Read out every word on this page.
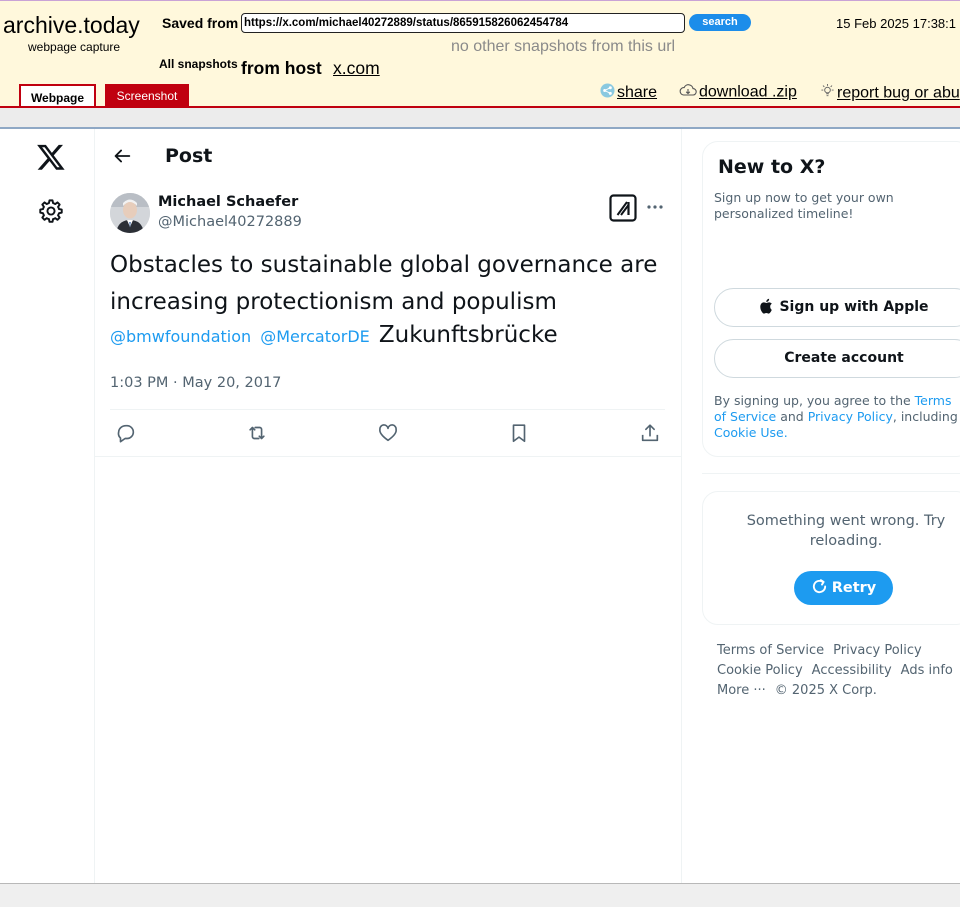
archive.today
webpage capture
Saved from https://x.com/michael40272889/status/865915826062454784	search	15 Feb 2025 17:38:1
no other snapshots from this url
All snapshots from host x.com
Webpage	Screenshot	share	download .zip	report bug or abu
Post
Michael Schaefer
@Michael40272889
Obstacles to sustainable global governance are increasing protectionism and populism
@bmwfoundation @MercatorDE Zukunftsbrücke
1:03 PM · May 20, 2017
New to X?
Sign up now to get your own personalized timeline!
Sign up with Apple
Create account
By signing up, you agree to the Terms of Service and Privacy Policy, including Cookie Use.
Something went wrong. Try reloading.
Retry
Terms of Service Privacy PolicyCookie Policy Accessibility Ads infoMore ··· © 2025 X Corp.
